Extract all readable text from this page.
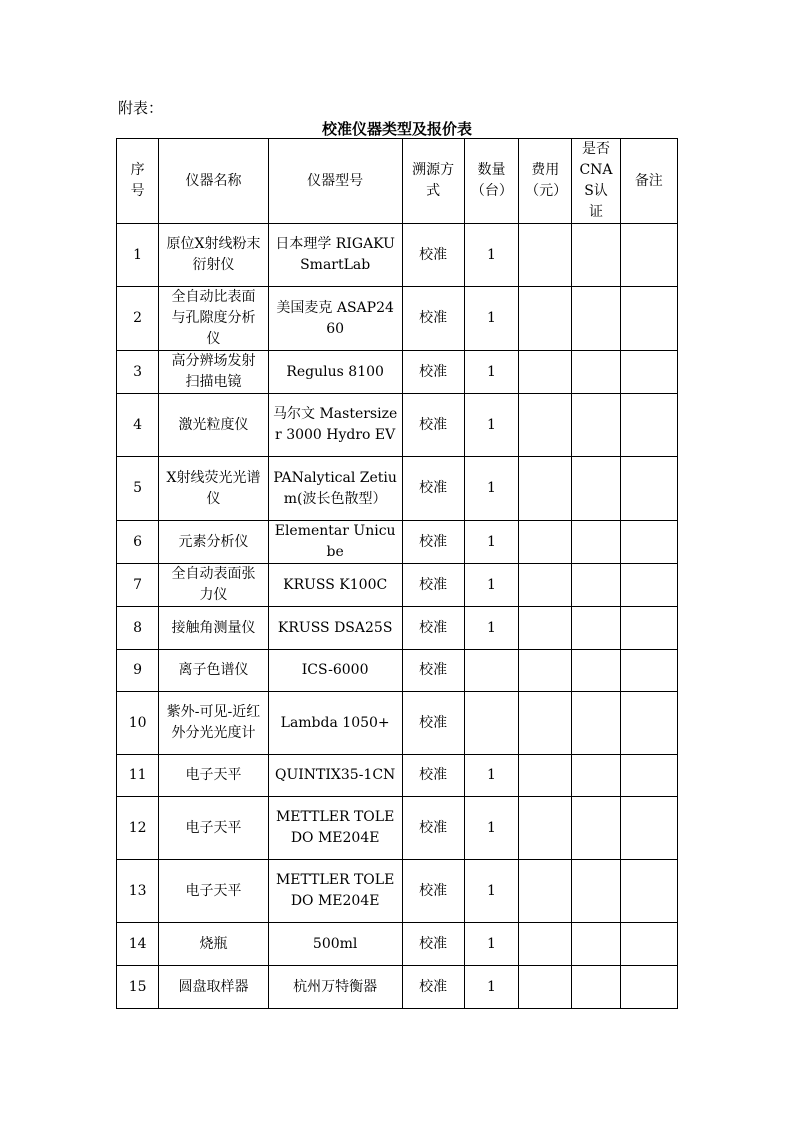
附表：
校准仪器类型及报价表
序号	仪器名称	仪器型号	溯源方式	数量（台）	费用（元）	是否CNAS认证	备注
1	原位X射线粉末衍射仪	日本理学 RIGAKU SmartLab	校准	1			
2	全自动比表面与孔隙度分析仪	美国麦克 ASAP2460	校准	1			
3	高分辨场发射扫描电镜	Regulus 8100	校准	1			
4	激光粒度仪	马尔文 Mastersizer 3000 Hydro EV	校准	1			
5	X射线荧光光谱仪	PANalytical Zetium(波长色散型）	校准	1			
6	元素分析仪	Elementar Unicube	校准	1			
7	全自动表面张力仪	KRUSS K100C	校准	1			
8	接触角测量仪	KRUSS DSA25S	校准	1			
9	离子色谱仪	ICS-6000	校准				
10	紫外-可见-近红外分光光度计	Lambda 1050+	校准				
11	电子天平	QUINTIX35-1CN	校准	1			
12	电子天平	METTLER TOLEDO ME204E	校准	1			
13	电子天平	METTLER TOLEDO ME204E	校准	1			
14	烧瓶	500ml	校准	1			
15	圆盘取样器	杭州万特衡器	校准	1			
